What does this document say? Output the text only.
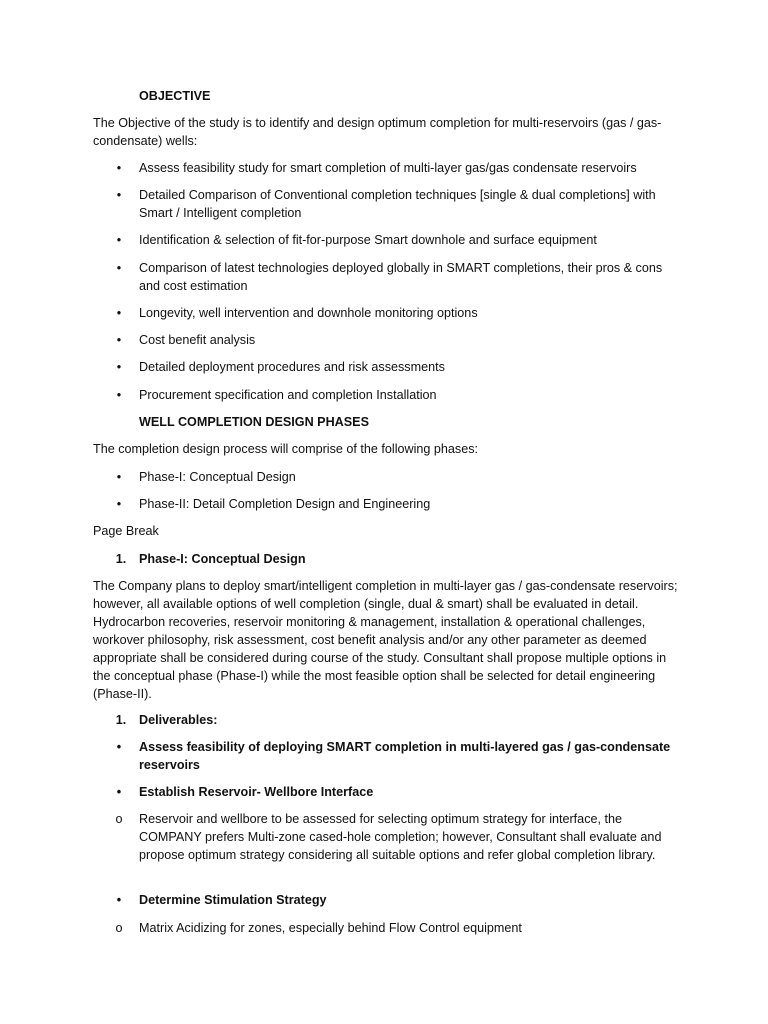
OBJECTIVE

The Objective of the study is to identify and design optimum completion for multi-reservoirs (gas / gas-condensate) wells:

•	Assess feasibility study for smart completion of multi-layer gas/gas condensate reservoirs
•	Detailed Comparison of Conventional completion techniques [single & dual completions] with Smart / Intelligent completion
•	Identification & selection of fit-for-purpose Smart downhole and surface equipment
•	Comparison of latest technologies deployed globally in SMART completions, their pros & cons and cost estimation
•	Longevity, well intervention and downhole monitoring options
•	Cost benefit analysis
•	Detailed deployment procedures and risk assessments
•	Procurement specification and completion Installation

WELL COMPLETION DESIGN PHASES

The completion design process will comprise of the following phases:

•	Phase-I: Conceptual Design
•	Phase-II: Detail Completion Design and Engineering

Page Break

1. Phase-I: Conceptual Design

The Company plans to deploy smart/intelligent completion in multi-layer gas / gas-condensate reservoirs; however, all available options of well completion (single, dual & smart) shall be evaluated in detail. Hydrocarbon recoveries, reservoir monitoring & management, installation & operational challenges, workover philosophy, risk assessment, cost benefit analysis and/or any other parameter as deemed appropriate shall be considered during course of the study. Consultant shall propose multiple options in the conceptual phase (Phase-I) while the most feasible option shall be selected for detail engineering (Phase-II).

1. Deliverables:
•	Assess feasibility of deploying SMART completion in multi-layered gas / gas-condensate reservoirs
•	Establish Reservoir- Wellbore Interface
o Reservoir and wellbore to be assessed for selecting optimum strategy for interface, the COMPANY prefers Multi-zone cased-hole completion; however, Consultant shall evaluate and propose optimum strategy considering all suitable options and refer global completion library.
•	Determine Stimulation Strategy
o Matrix Acidizing for zones, especially behind Flow Control equipment
